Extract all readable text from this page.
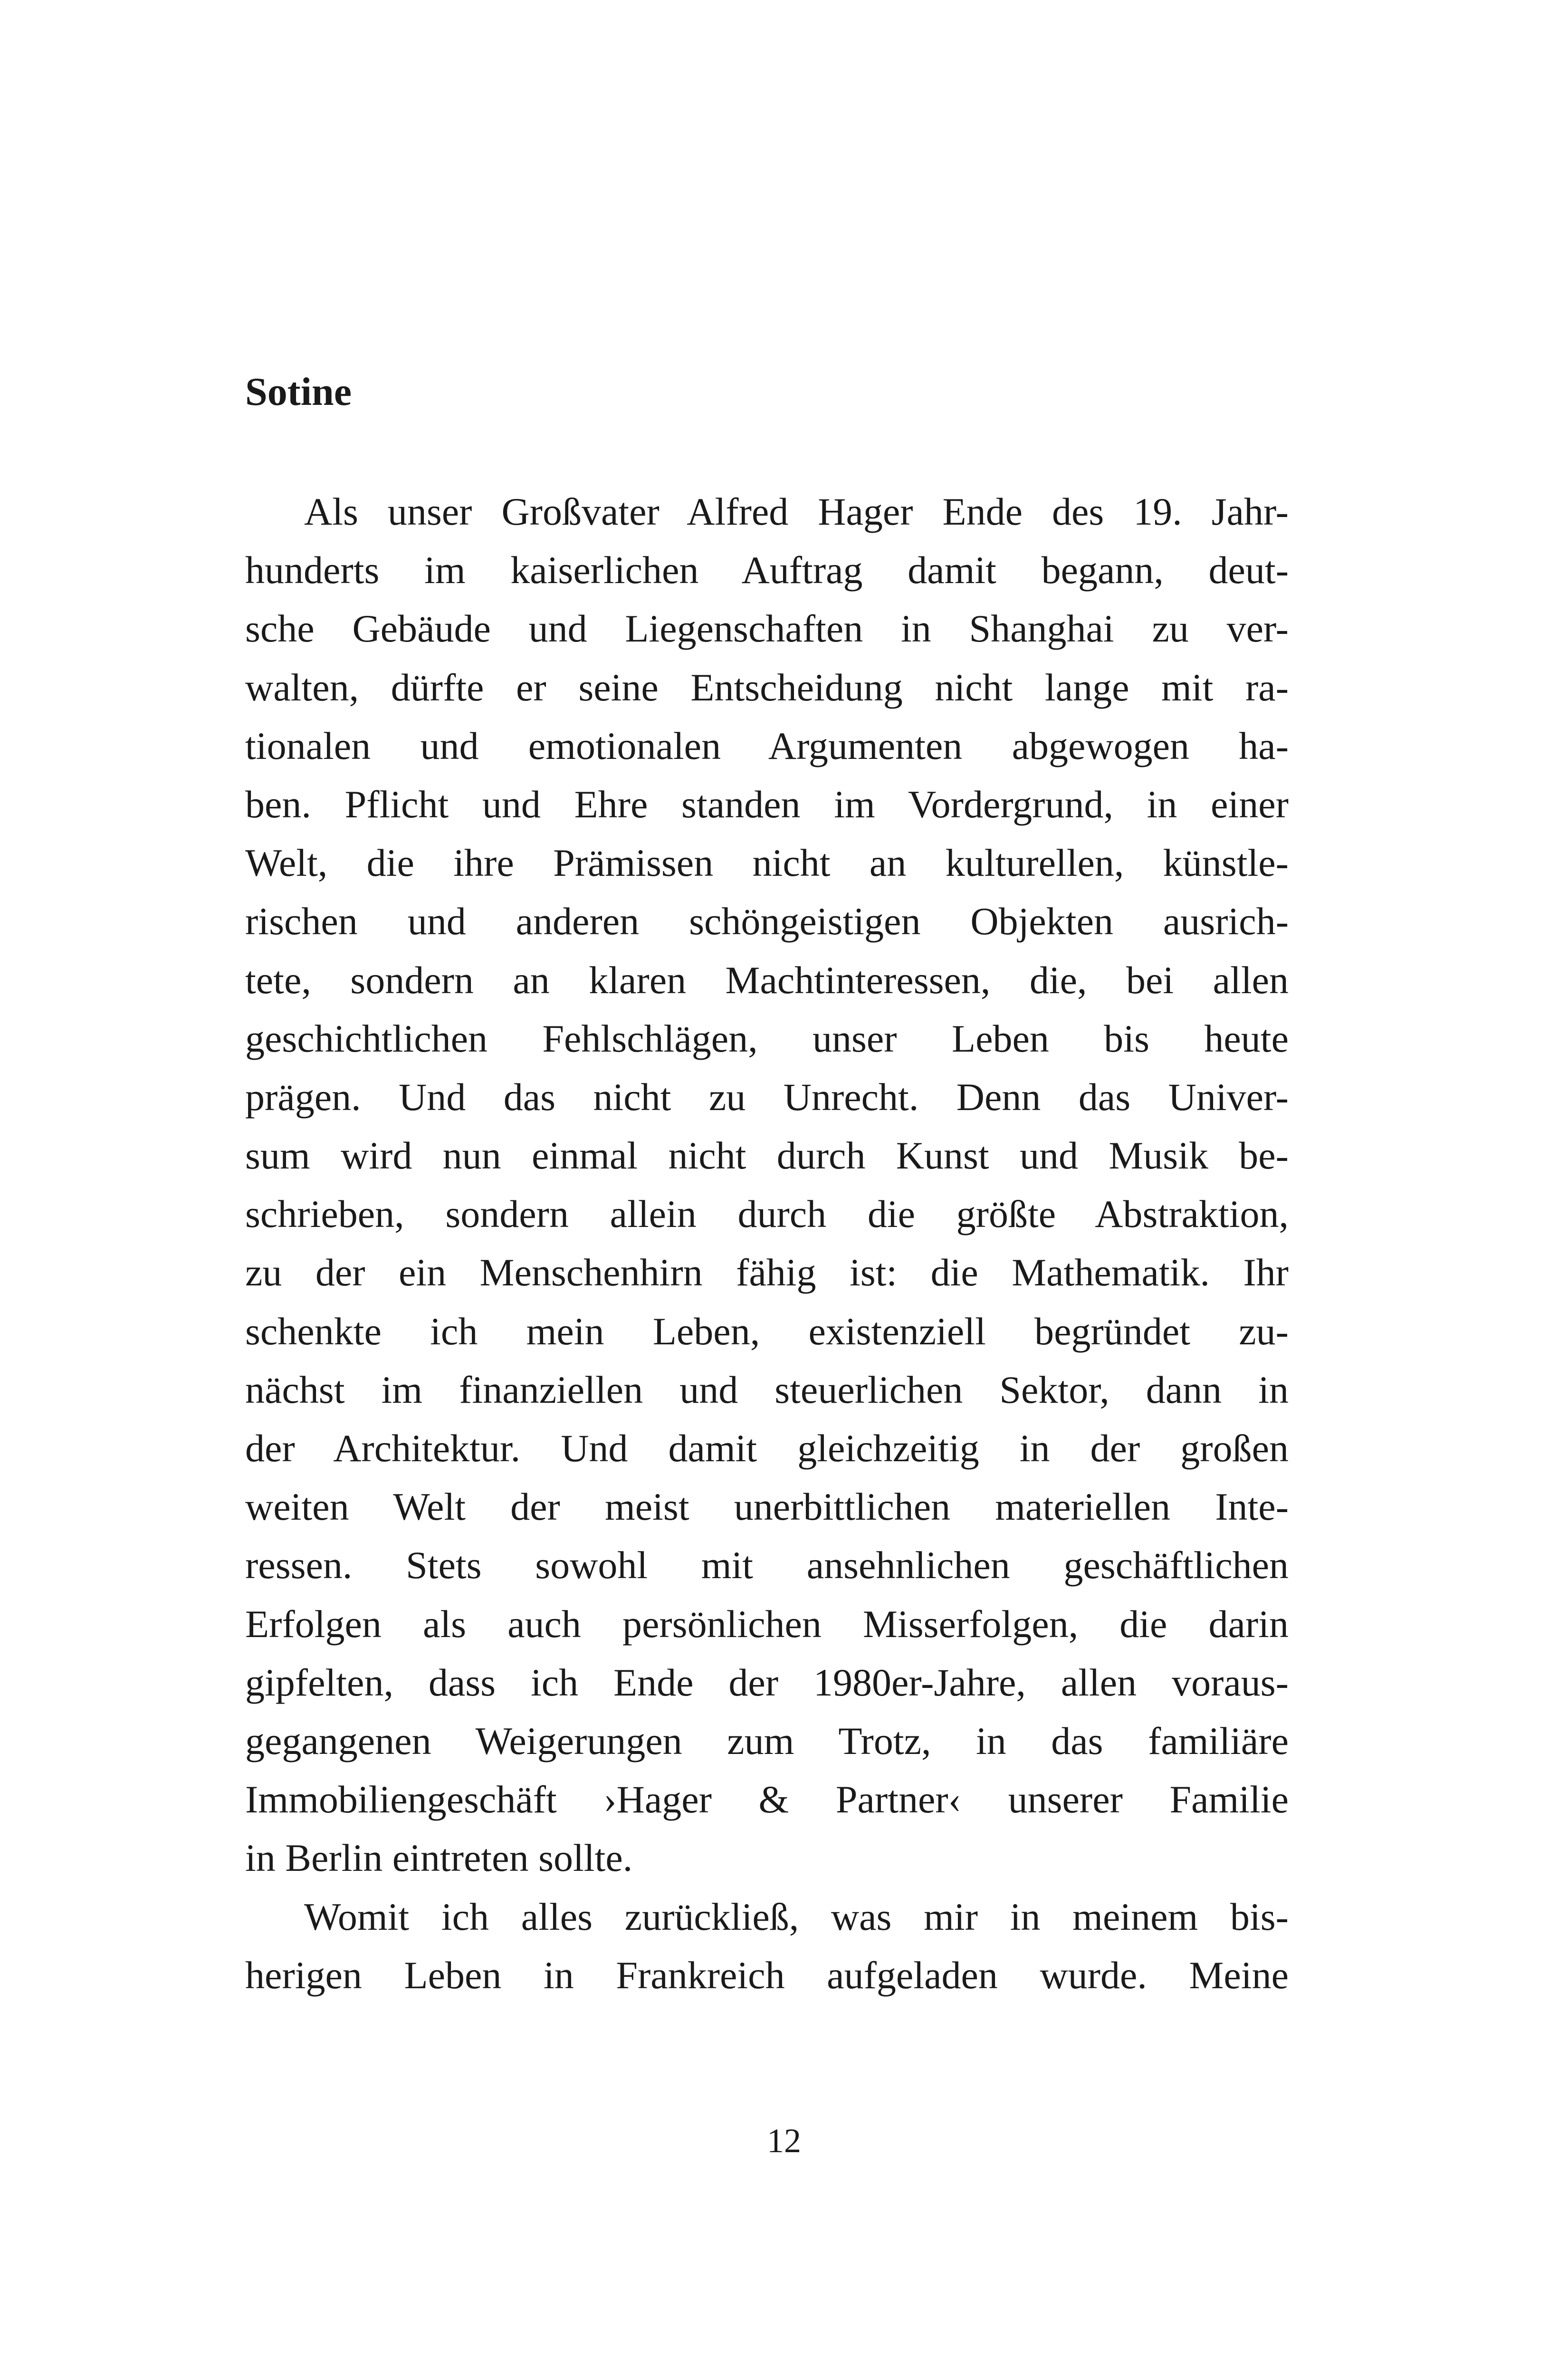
Sotine
Als unser Großvater Alfred Hager Ende des 19. Jahr-
hunderts im kaiserlichen Auftrag damit begann, deut-
sche Gebäude und Liegenschaften in Shanghai zu ver-
walten, dürfte er seine Entscheidung nicht lange mit ra-
tionalen und emotionalen Argumenten abgewogen ha-
ben. Pflicht und Ehre standen im Vordergrund, in einer
Welt, die ihre Prämissen nicht an kulturellen, künstle-
rischen und anderen schöngeistigen Objekten ausrich-
tete, sondern an klaren Machtinteressen, die, bei allen
geschichtlichen Fehlschlägen, unser Leben bis heute
prägen. Und das nicht zu Unrecht. Denn das Univer-
sum wird nun einmal nicht durch Kunst und Musik be-
schrieben, sondern allein durch die größte Abstraktion,
zu der ein Menschenhirn fähig ist: die Mathematik. Ihr
schenkte ich mein Leben, existenziell begründet zu-
nächst im finanziellen und steuerlichen Sektor, dann in
der Architektur. Und damit gleichzeitig in der großen
weiten Welt der meist unerbittlichen materiellen Inte-
ressen. Stets sowohl mit ansehnlichen geschäftlichen
Erfolgen als auch persönlichen Misserfolgen, die darin
gipfelten, dass ich Ende der 1980er-Jahre, allen voraus-
gegangenen Weigerungen zum Trotz, in das familiäre
Immobiliengeschäft ›Hager & Partner‹ unserer Familie
in Berlin eintreten sollte.
Womit ich alles zurückließ, was mir in meinem bis-
herigen Leben in Frankreich aufgeladen wurde. Meine
12
